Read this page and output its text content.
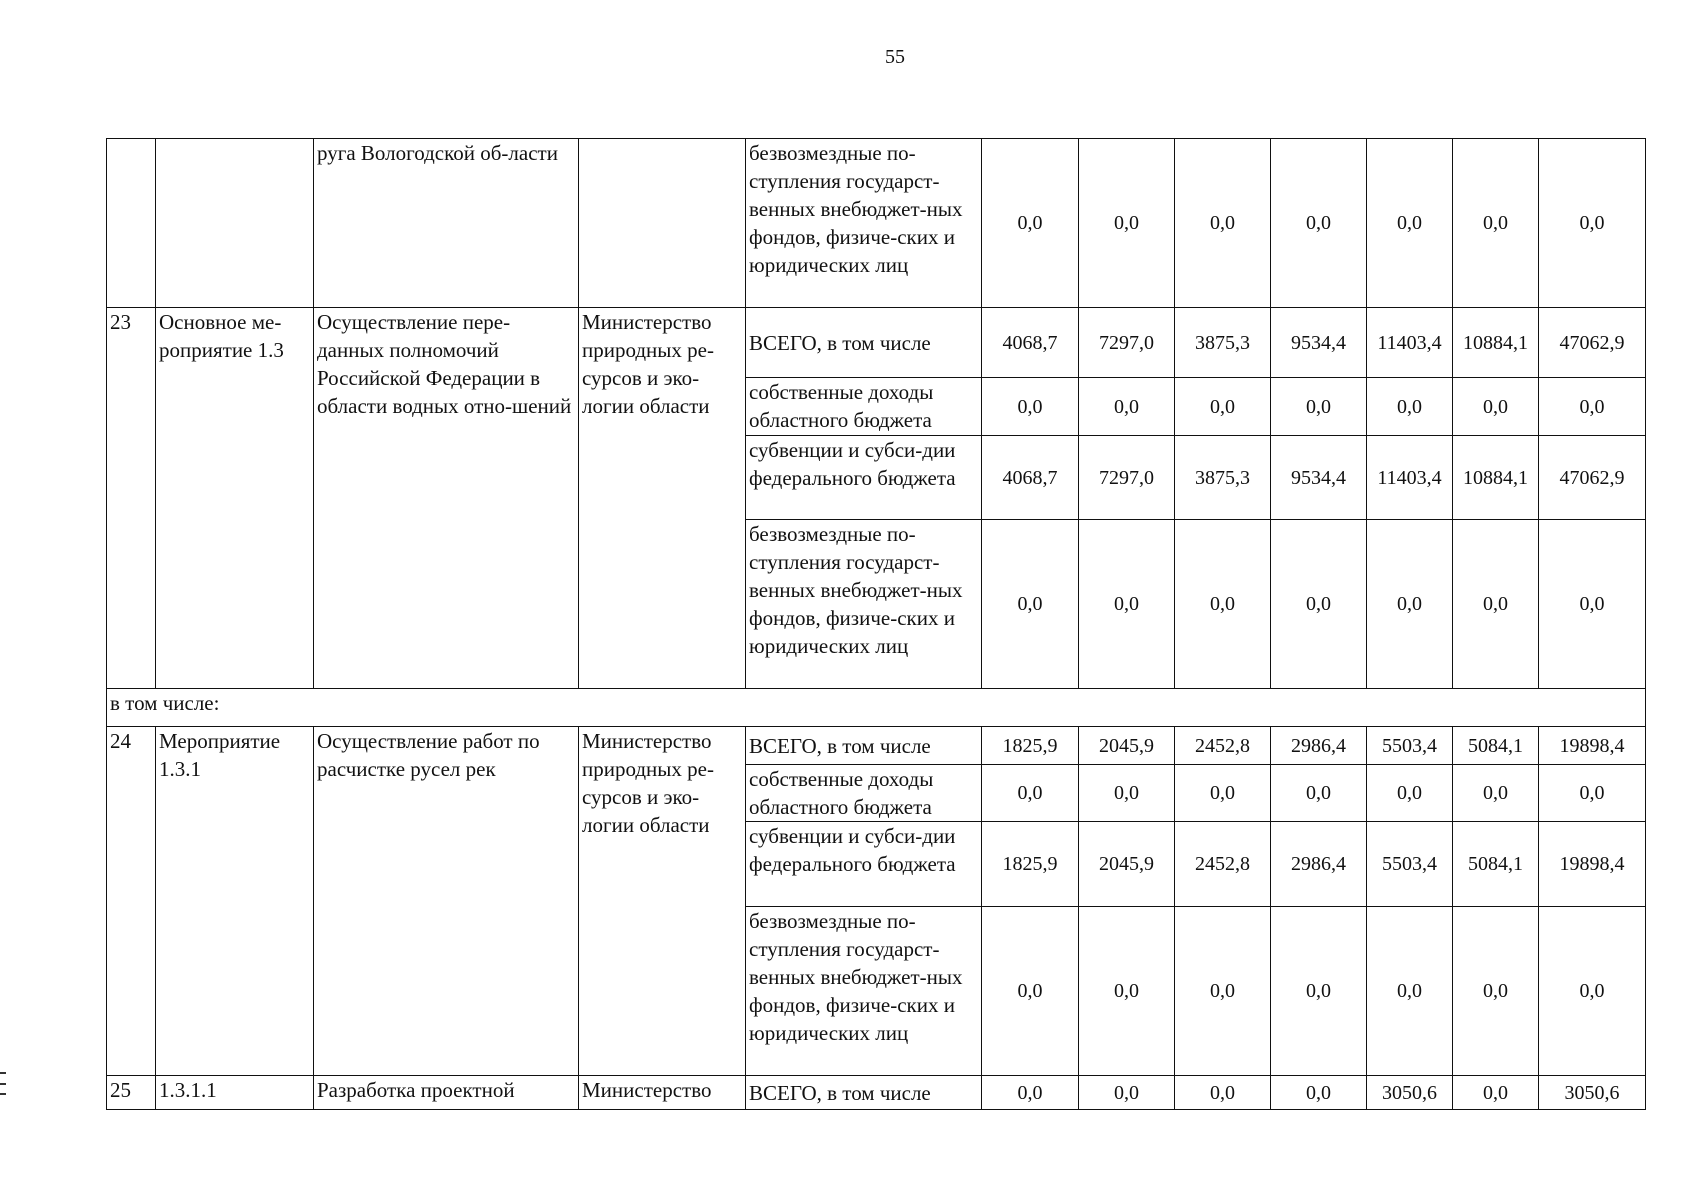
55
		руга Вологодской об-ласти		безвозмездные по-ступления государст-венных внебюджет-ных фондов, физиче-ских и юридических лиц	0,0	0,0	0,0	0,0	0,0	0,0	0,0
23	Основное ме-роприятие 1.3	Осуществление пере-данных полномочий Российской Федерации в области водных отно-шений	Министерство природных ре-сурсов и эко-логии области	ВСЕГО, в том числе	4068,7	7297,0	3875,3	9534,4	11403,4	10884,1	47062,9
				собственные доходы областного бюджета	0,0	0,0	0,0	0,0	0,0	0,0	0,0
				субвенции и субси-дии федерального бюджета	4068,7	7297,0	3875,3	9534,4	11403,4	10884,1	47062,9
				безвозмездные по-ступления государст-венных внебюджет-ных фондов, физиче-ских и юридических лиц	0,0	0,0	0,0	0,0	0,0	0,0	0,0
в том числе:											
24	Мероприятие 1.3.1	Осуществление работ по расчистке русел рек	Министерство природных ре-сурсов и эко-логии области	ВСЕГО, в том числе	1825,9	2045,9	2452,8	2986,4	5503,4	5084,1	19898,4
				собственные доходы областного бюджета	0,0	0,0	0,0	0,0	0,0	0,0	0,0
				субвенции и субси-дии федерального бюджета	1825,9	2045,9	2452,8	2986,4	5503,4	5084,1	19898,4
				безвозмездные по-ступления государст-венных внебюджет-ных фондов, физиче-ских и юридических лиц	0,0	0,0	0,0	0,0	0,0	0,0	0,0
25	1.3.1.1	Разработка проектной	Министерство	ВСЕГО, в том числе	0,0	0,0	0,0	0,0	3050,6	0,0	3050,6
